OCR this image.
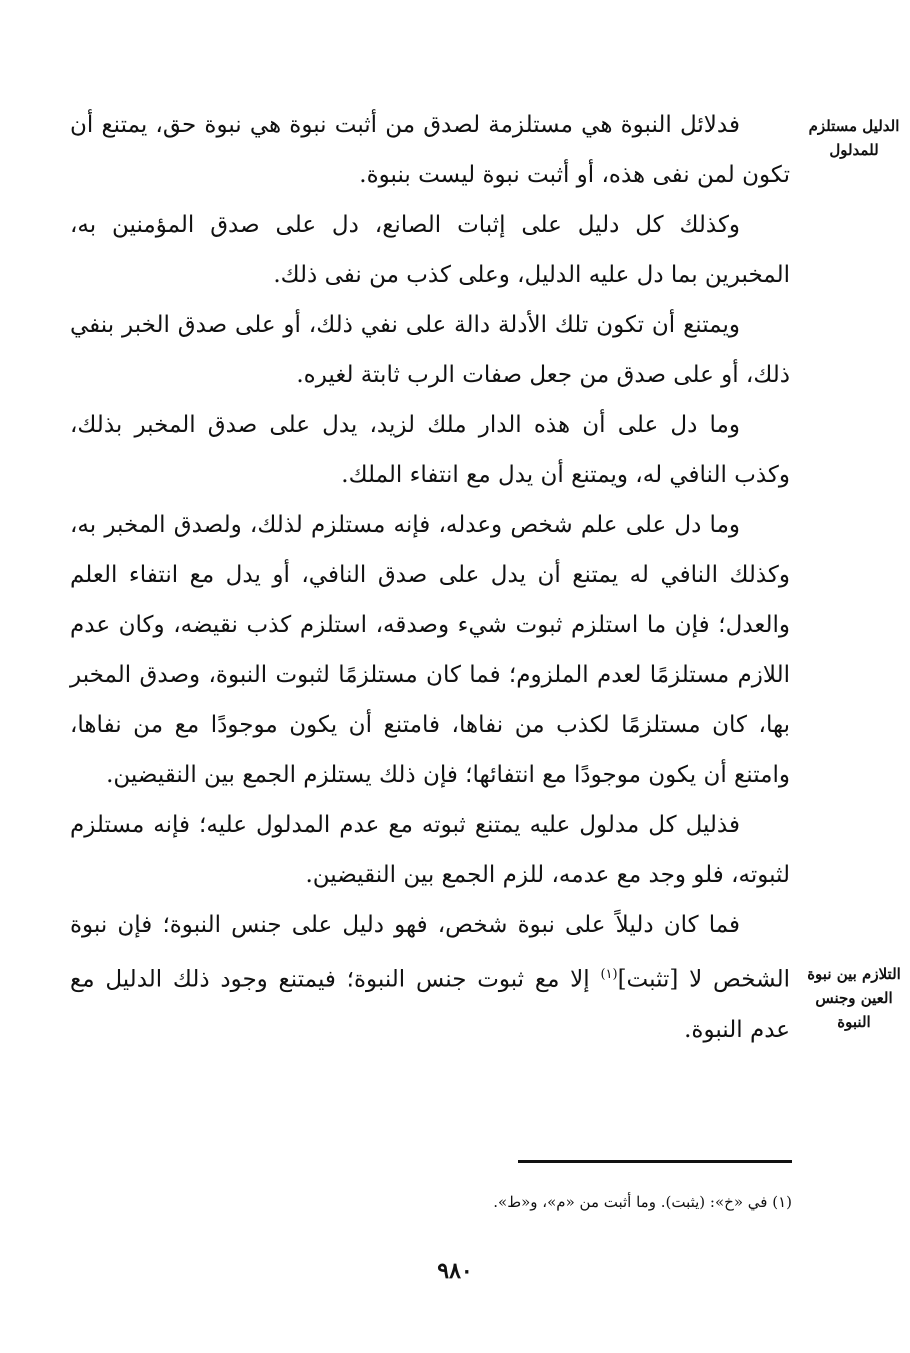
الدليل مستلزم للمدلول
التلازم بين نبوة العين وجنس النبوة

فدلائل النبوة هي مستلزمة لصدق من أثبت نبوة هي نبوة حق، يمتنع أن تكون لمن نفى هذه، أو أثبت نبوة ليست بنبوة.

وكذلك كل دليل على إثبات الصانع، دل على صدق المؤمنين به، المخبرين بما دل عليه الدليل، وعلى كذب من نفى ذلك.

ويمتنع أن تكون تلك الأدلة دالة على نفي ذلك، أو على صدق الخبر بنفي ذلك، أو على صدق من جعل صفات الرب ثابتة لغيره.

وما دل على أن هذه الدار ملك لزيد، يدل على صدق المخبر بذلك، وكذب النافي له، ويمتنع أن يدل مع انتفاء الملك.

وما دل على علم شخص وعدله، فإنه مستلزم لذلك، ولصدق المخبر به، وكذلك النافي له يمتنع أن يدل على صدق النافي، أو يدل مع انتفاء العلم والعدل؛ فإن ما استلزم ثبوت شيء وصدقه، استلزم كذب نقيضه، وكان عدم اللازم مستلزمًا لعدم الملزوم؛ فما كان مستلزمًا لثبوت النبوة، وصدق المخبر بها، كان مستلزمًا لكذب من نفاها، فامتنع أن يكون موجودًا مع من نفاها، وامتنع أن يكون موجودًا مع انتفائها؛ فإن ذلك يستلزم الجمع بين النقيضين.

فذليل كل مدلول عليه يمتنع ثبوته مع عدم المدلول عليه؛ فإنه مستلزم لثبوته، فلو وجد مع عدمه، للزم الجمع بين النقيضين.

فما كان دليلاً على نبوة شخص، فهو دليل على جنس النبوة؛ فإن نبوة الشخص لا [تثبت]$^{(١)}$ إلا مع ثبوت جنس النبوة؛ فيمتنع وجود ذلك الدليل مع عدم النبوة.

(١) في «خ»: (يثبت). وما أثبت من «م»، و«ط».
٩٨٠
